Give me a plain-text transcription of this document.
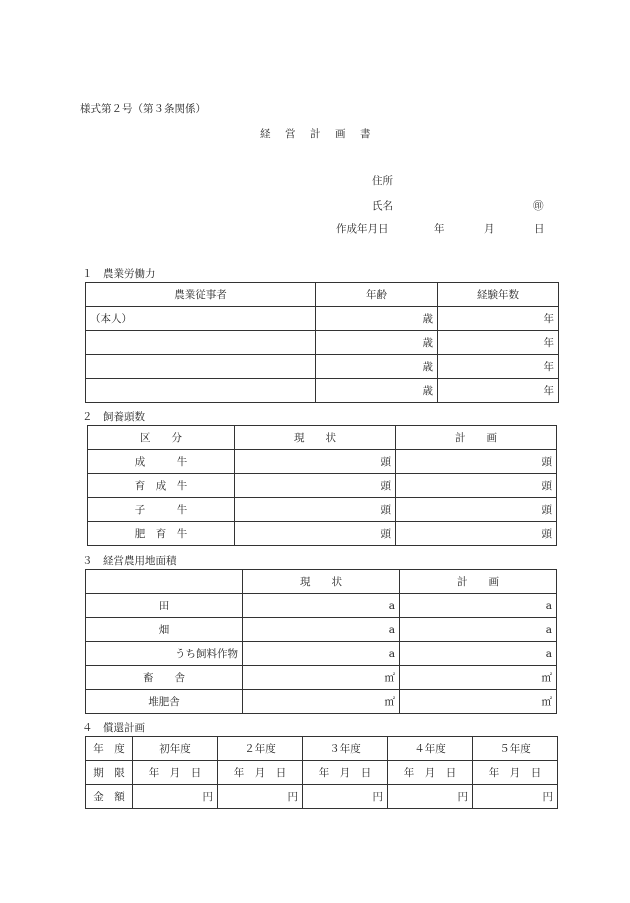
様式第２号（第３条関係）
経　営　計　画　書
住所
氏名	㊞
作成年月日	年	月	日
１　農業労働力
農業従事者	年齢	経験年数
（本人）	歳	年
	歳	年
	歳	年
	歳	年
２　飼養頭数
区　　分	現　　状	計　　画
成　　　牛	頭	頭
育　成　牛	頭	頭
子　　　牛	頭	頭
肥　育　牛	頭	頭
３　経営農用地面積
	現　　状	計　　画
田	a	a
畑	a	a
うち飼料作物	a	a
畜　　舎	㎡	㎡
堆肥舎	㎡	㎡
４　償還計画
年　度	初年度	２年度	３年度	４年度	５年度
期　限	年　月　日	年　月　日	年　月　日	年　月　日	年　月　日
金　額	円	円	円	円	円
